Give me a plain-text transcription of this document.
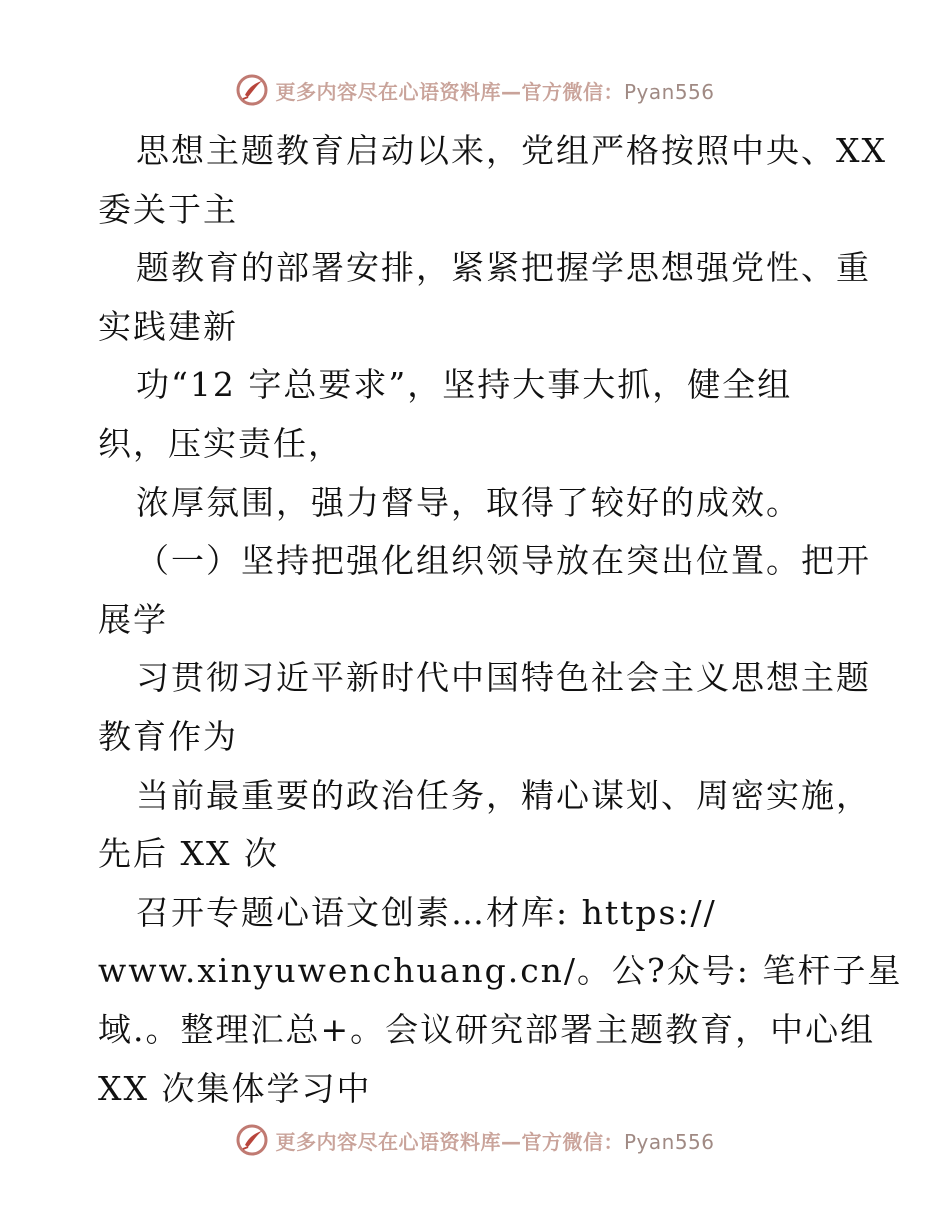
更多内容尽在心语资料库—官方微信：Pyan556
思想主题教育启动以来，党组严格按照中央、XX
委关于主
题教育的部署安排，紧紧把握学思想强党性、重
实践建新
功“12 字总要求”，坚持大事大抓，健全组
织，压实责任，
浓厚氛围，强力督导，取得了较好的成效。
（一）坚持把强化组织领导放在突出位置。把开
展学
习贯彻习近平新时代中国特色社会主义思想主题
教育作为
当前最重要的政治任务，精心谋划、周密实施，
先后 XX 次
召开专题心语文创素…材库: https://
www.xinyuwenchuang.cn/。公?众号: 笔杆子星
域.。整理汇总+。会议研究部署主题教育，中心组
XX 次集体学习中
更多内容尽在心语资料库—官方微信：Pyan556
